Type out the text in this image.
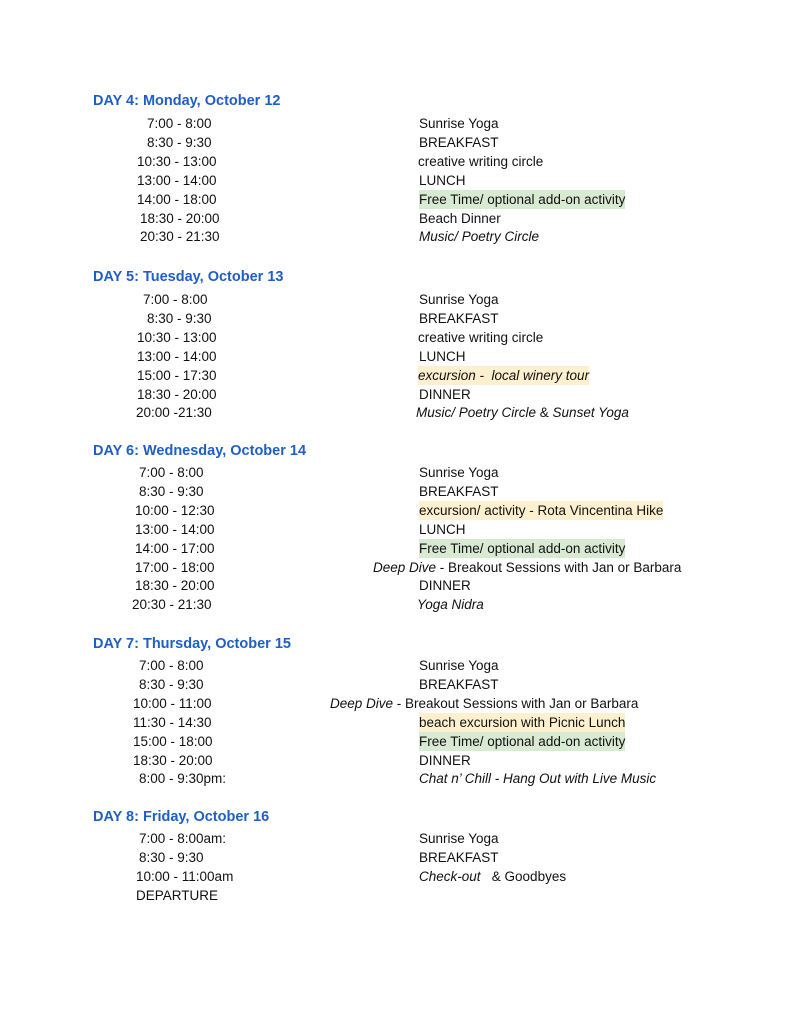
DAY 4: Monday, October 12
7:00 - 8:00	Sunrise Yoga
8:30 - 9:30	BREAKFAST
10:30 - 13:00	creative writing circle
13:00 - 14:00	LUNCH
14:00 - 18:00	Free Time/ optional add-on activity
18:30 - 20:00	Beach Dinner
20:30 - 21:30	Music/ Poetry Circle
DAY 5: Tuesday, October 13
7:00 - 8:00	Sunrise Yoga
8:30 - 9:30	BREAKFAST
10:30 - 13:00	creative writing circle
13:00 - 14:00	LUNCH
15:00 - 17:30	excursion -  local winery tour
18:30 - 20:00	DINNER
20:00 -21:30	Music/ Poetry Circle & Sunset Yoga
DAY 6: Wednesday, October 14
7:00 - 8:00	Sunrise Yoga
8:30 - 9:30	BREAKFAST
10:00 - 12:30	excursion/ activity - Rota Vincentina Hike
13:00 - 14:00	LUNCH
14:00 - 17:00	Free Time/ optional add-on activity
17:00 - 18:00	Deep Dive - Breakout Sessions with Jan or Barbara
18:30 - 20:00	DINNER
20:30 - 21:30	Yoga Nidra
DAY 7: Thursday, October 15
7:00 - 8:00	Sunrise Yoga
8:30 - 9:30	BREAKFAST
10:00 - 11:00	Deep Dive - Breakout Sessions with Jan or Barbara
11:30 - 14:30	beach excursion with Picnic Lunch
15:00 - 18:00	Free Time/ optional add-on activity
18:30 - 20:00	DINNER
8:00 - 9:30pm:	Chat n’ Chill - Hang Out with Live Music
DAY 8: Friday, October 16
7:00 - 8:00am:	Sunrise Yoga
8:30 - 9:30	BREAKFAST
10:00 - 11:00am	Check-out   & Goodbyes
DEPARTURE
